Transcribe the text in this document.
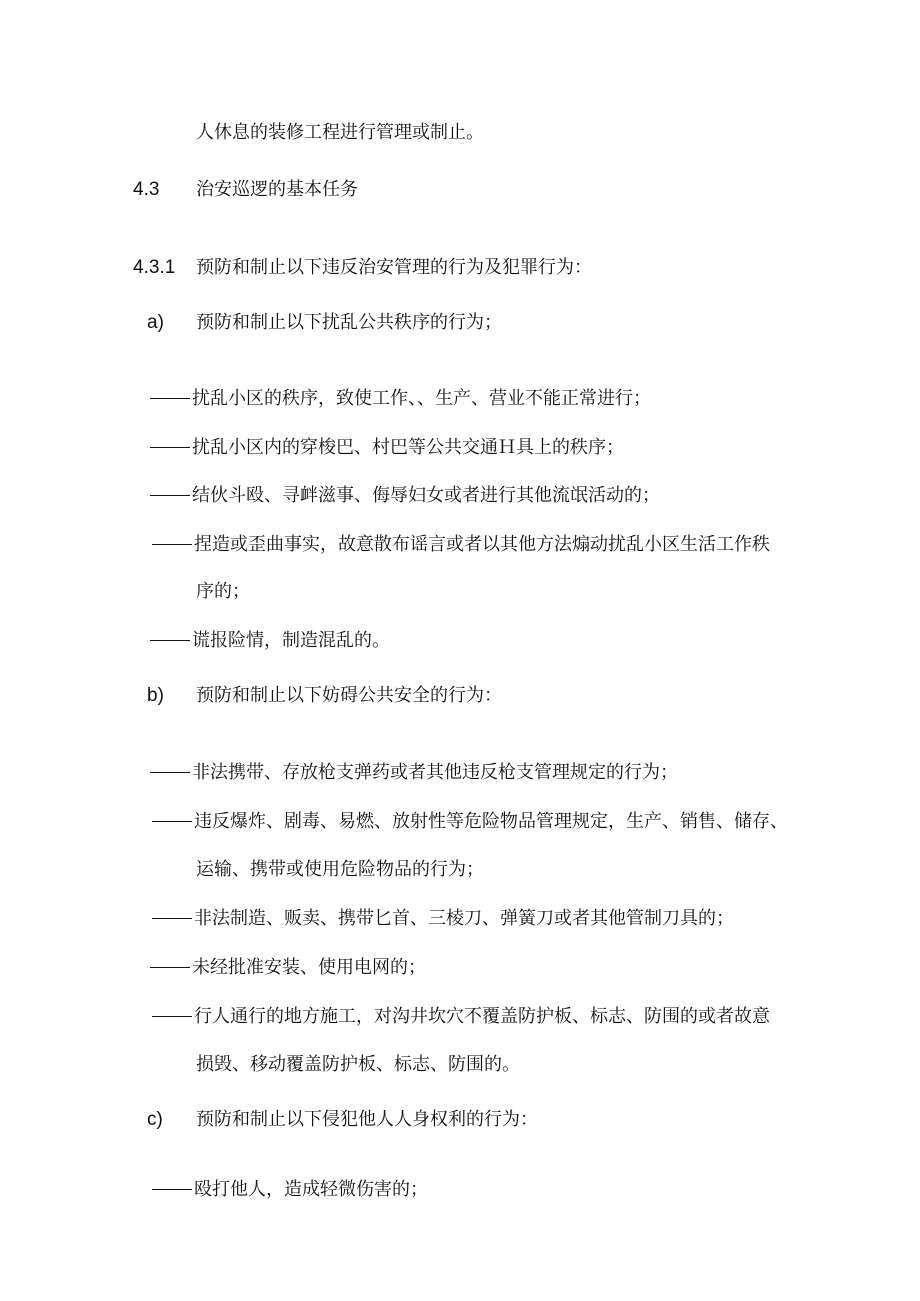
人休息的装修工程进行管理或制止。
4.3 治安巡逻的基本任务
4.3.1 预防和制止以下违反治安管理的行为及犯罪行为：
a) 预防和制止以下扰乱公共秩序的行为；
扰乱小区的秩序，致使工作、、生产、营业不能正常进行；
扰乱小区内的穿梭巴、村巴等公共交通Ｈ具上的秩序；
结伙斗殴、寻衅滋事、侮辱妇女或者进行其他流氓活动的；
捏造或歪曲事实，故意散布谣言或者以其他方法煽动扰乱小区生活工作秩
序的；
谎报险情，制造混乱的。
b) 预防和制止以下妨碍公共安全的行为：
非法携带、存放枪支弹药或者其他违反枪支管理规定的行为；
违反爆炸、剧毒、易燃、放射性等危险物品管理规定，生产、销售、储存、
运输、携带或使用危险物品的行为；
非法制造、贩卖、携带匕首、三棱刀、弹簧刀或者其他管制刀具的；
未经批准安装、使用电网的；
行人通行的地方施工，对沟井坎穴不覆盖防护板、标志、防围的或者故意
损毁、移动覆盖防护板、标志、防围的。
c) 预防和制止以下侵犯他人人身权利的行为：
殴打他人，造成轻微伤害的；
